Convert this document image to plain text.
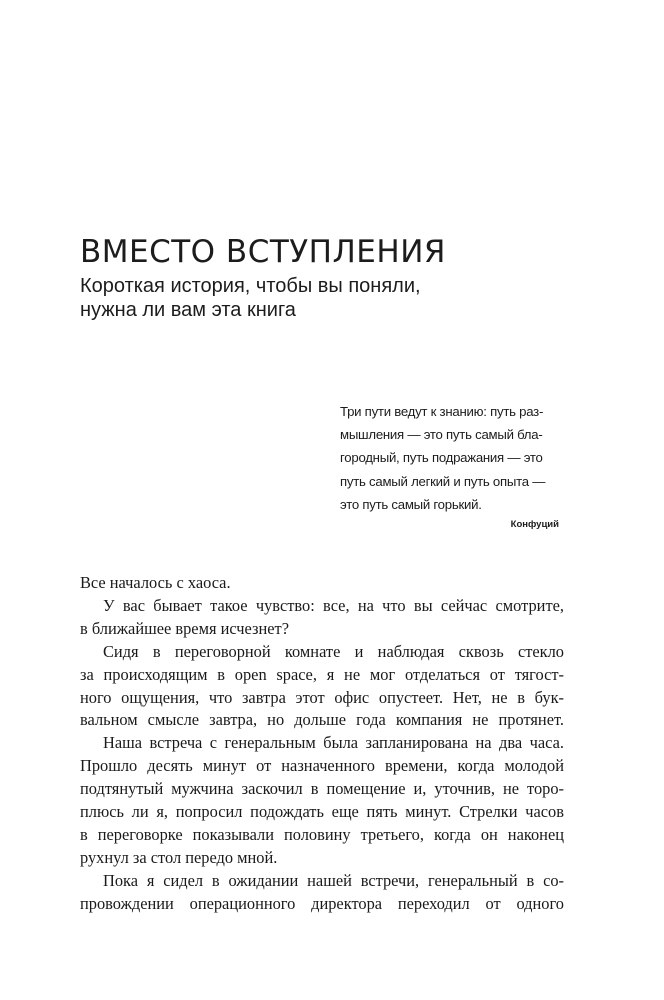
ВМЕСТО ВСТУПЛЕНИЯ
Короткая история, чтобы вы поняли,
нужна ли вам эта книга
Три пути ведут к знанию: путь раз-
мышления — это путь самый бла-
городный, путь подражания — это
путь самый легкий и путь опыта —
это путь самый горький.
Конфуций
Все началось с хаоса.
У вас бывает такое чувство: все, на что вы сейчас смотрите,
в ближайшее время исчезнет?
Сидя в переговорной комнате и наблюдая сквозь стекло
за происходящим в open space, я не мог отделаться от тягост-
ного ощущения, что завтра этот офис опустеет. Нет, не в бук-
вальном смысле завтра, но дольше года компания не протянет.
Наша встреча с генеральным была запланирована на два часа.
Прошло десять минут от назначенного времени, когда молодой
подтянутый мужчина заскочил в помещение и, уточнив, не торо-
плюсь ли я, попросил подождать еще пять минут. Стрелки часов
в переговорке показывали половину третьего, когда он наконец
рухнул за стол передо мной.
Пока я сидел в ожидании нашей встречи, генеральный в со-
провождении операционного директора переходил от одного
